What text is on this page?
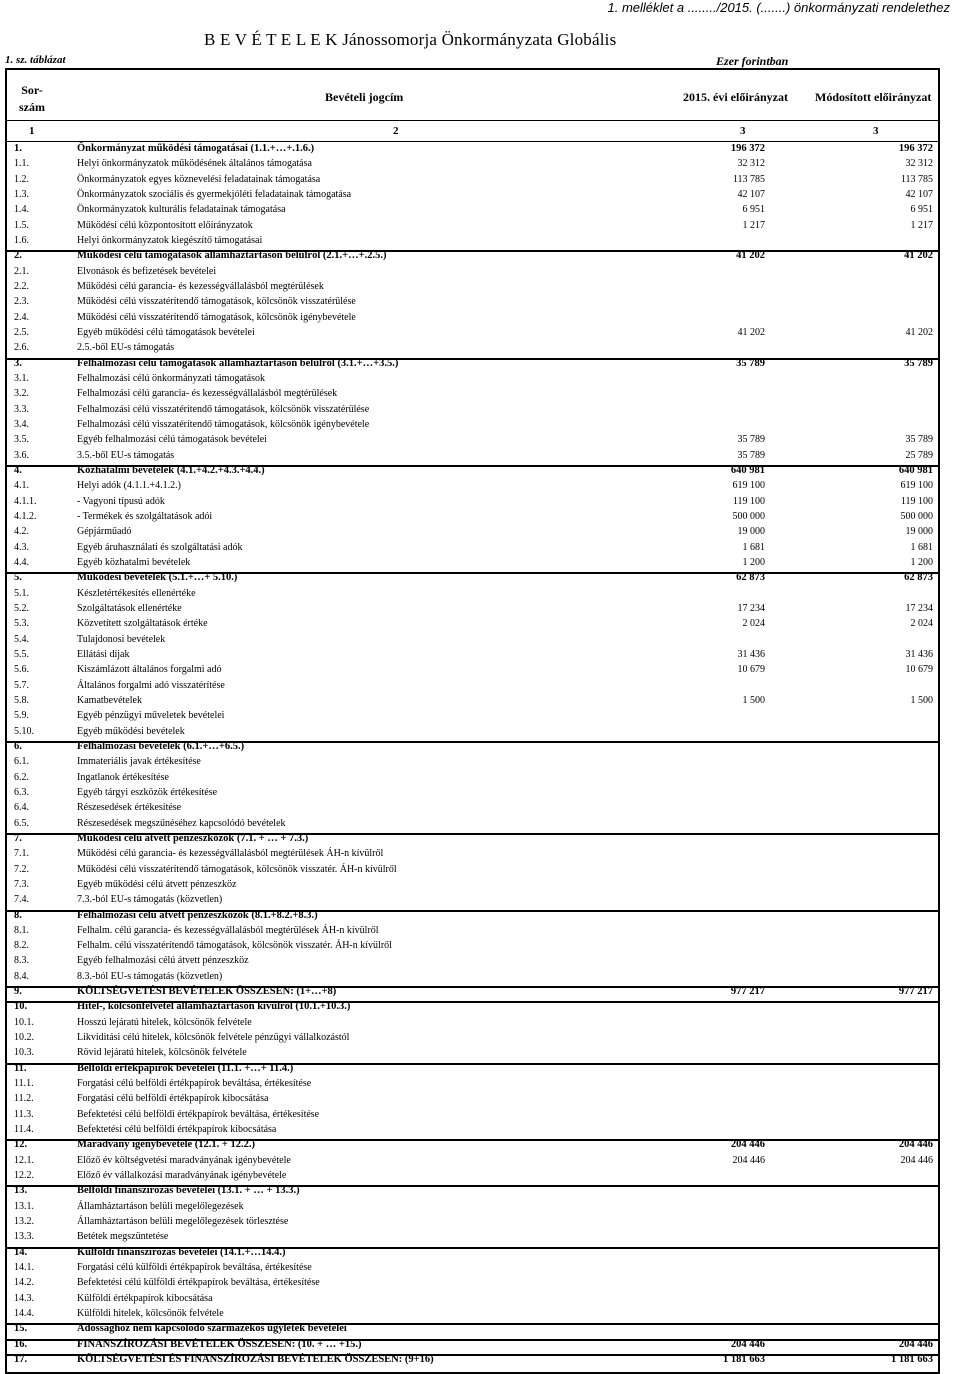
1. melléklet a ......../2015. (.......) önkormányzati rendelethez
B E V É T E L E K Jánossomorja Önkormányzata Globális
1. sz. táblázat	Ezer forintban
Sor-
szám
Bevételi jogcím	2015. évi előirányzat Módosított előirányzat
1	2	3	3
1.	Önkormányzat működési támogatásai (1.1.+…+.1.6.)	196 372	196 372
1.1.	Helyi önkormányzatok működésének általános támogatása	32 312	32 312
1.2.	Önkormányzatok egyes köznevelési feladatainak támogatása	113 785	113 785
1.3.	Önkormányzatok szociális és gyermekjóléti feladatainak támogatása	42 107	42 107
1.4.	Önkormányzatok kulturális feladatainak támogatása	6 951	6 951
1.5.	Működési célú központosított előirányzatok	1 217	1 217
1.6.	Helyi önkormányzatok kiegészítő támogatásai
2.	Működési célú támogatások államháztartáson belülről (2.1.+…+.2.5.)	41 202	41 202
2.1.	Elvonások és befizetések bevételei
2.2.	Működési célú garancia- és kezességvállalásból megtérülések
2.3.	Működési célú visszatérítendő támogatások, kölcsönök visszatérülése
2.4.	Működési célú visszatérítendő támogatások, kölcsönök igénybevétele
2.5.	Egyéb működési célú támogatások bevételei	41 202	41 202
2.6.	2.5.-ből EU-s támogatás
3.	Felhalmozási célú támogatások államháztartáson belülről (3.1.+…+3.5.)	35 789	35 789
3.1.	Felhalmozási célú önkormányzati támogatások
3.2.	Felhalmozási célú garancia- és kezességvállalásból megtérülések
3.3.	Felhalmozási célú visszatérítendő támogatások, kölcsönök visszatérülése
3.4.	Felhalmozási célú visszatérítendő támogatások, kölcsönök igénybevétele
3.5.	Egyéb felhalmozási célú támogatások bevételei	35 789	35 789
3.6.	3.5.-ből EU-s támogatás	35 789	25 789
4.	Közhatalmi bevételek (4.1.+4.2.+4.3.+4.4.)	640 981	640 981
4.1.	Helyi adók (4.1.1.+4.1.2.)	619 100	619 100
4.1.1.	- Vagyoni típusú adók	119 100	119 100
4.1.2.	- Termékek és szolgáltatások adói	500 000	500 000
4.2.	Gépjárműadó	19 000	19 000
4.3.	Egyéb áruhasználati és szolgáltatási adók	1 681	1 681
4.4.	Egyéb közhatalmi bevételek	1 200	1 200
5.	Működési bevételek (5.1.+…+ 5.10.)	62 873	62 873
5.1.	Készletértékesítés ellenértéke
5.2.	Szolgáltatások ellenértéke	17 234	17 234
5.3.	Közvetített szolgáltatások értéke	2 024	2 024
5.4.	Tulajdonosi bevételek
5.5.	Ellátási díjak	31 436	31 436
5.6.	Kiszámlázott általános forgalmi adó	10 679	10 679
5.7.	Általános forgalmi adó visszatérítése
5.8.	Kamatbevételek	1 500	1 500
5.9.	Egyéb pénzügyi műveletek bevételei
5.10.	Egyéb működési bevételek
6.	Felhalmozási bevételek (6.1.+…+6.5.)
6.1.	Immateriális javak értékesítése
6.2.	Ingatlanok értékesítése
6.3.	Egyéb tárgyi eszközök értékesítése
6.4.	Részesedések értékesítése
6.5.	Részesedések megszűnéséhez kapcsolódó bevételek
7.	Működési célú átvett pénzeszközök (7.1. + … + 7.3.)
7.1.	Működési célú garancia- és kezességvállalásból megtérülések ÁH-n kívülről
7.2.	Működési célú visszatérítendő támogatások, kölcsönök visszatér. ÁH-n kívülről
7.3.	Egyéb működési célú átvett pénzeszköz
7.4.	7.3.-ból EU-s támogatás (közvetlen)
8.	Felhalmozási célú átvett pénzeszközök (8.1.+8.2.+8.3.)
8.1.	Felhalm. célú garancia- és kezességvállalásból megtérülések ÁH-n kívülről
8.2.	Felhalm. célú visszatérítendő támogatások, kölcsönök visszatér. ÁH-n kívülről
8.3.	Egyéb felhalmozási célú átvett pénzeszköz
8.4.	8.3.-ból EU-s támogatás (közvetlen)
9.	KÖLTSÉGVETÉSI BEVÉTELEK ÖSSZESEN: (1+…+8)	977 217	977 217
10.	Hitel-, kölcsönfelvétel államháztartáson kívülről (10.1.+10.3.)
10.1.	Hosszú lejáratú hitelek, kölcsönök felvétele
10.2.	Likviditási célú hitelek, kölcsönök felvétele pénzügyi vállalkozástól
10.3.	Rövid lejáratú hitelek, kölcsönök felvétele
11.	Belföldi értékpapírok bevételei (11.1. +…+ 11.4.)
11.1.	Forgatási célú belföldi értékpapírok beváltása, értékesítése
11.2.	Forgatási célú belföldi értékpapírok kibocsátása
11.3.	Befektetési célú belföldi értékpapírok beváltása, értékesítése
11.4.	Befektetési célú belföldi értékpapírok kibocsátása
12.	Maradvány igénybevétele (12.1. + 12.2.)	204 446	204 446
12.1.	Előző év költségvetési maradványának igénybevétele	204 446	204 446
12.2.	Előző év vállalkozási maradványának igénybevétele
13.	Belföldi finanszírozás bevételei (13.1. + … + 13.3.)
13.1.	Államháztartáson belüli megelőlegezések
13.2.	Államháztartáson belüli megelőlegezések törlesztése
13.3.	Betétek megszüntetése
14.	Külföldi finanszírozás bevételei (14.1.+…14.4.)
14.1.	Forgatási célú külföldi értékpapírok beváltása, értékesítése
14.2.	Befektetési célú külföldi értékpapírok beváltása, értékesítése
14.3.	Külföldi értékpapírok kibocsátása
14.4.	Külföldi hitelek, kölcsönök felvétele
15.	Adóssághoz nem kapcsolódó származékos ügyletek bevételei
16.	FINANSZÍROZÁSI BEVÉTELEK ÖSSZESEN: (10. + … +15.)	204 446	204 446
17.	KÖLTSÉGVETÉSI ÉS FINANSZÍROZÁSI BEVÉTELEK ÖSSZESEN: (9+16)	1 181 663	1 181 663
